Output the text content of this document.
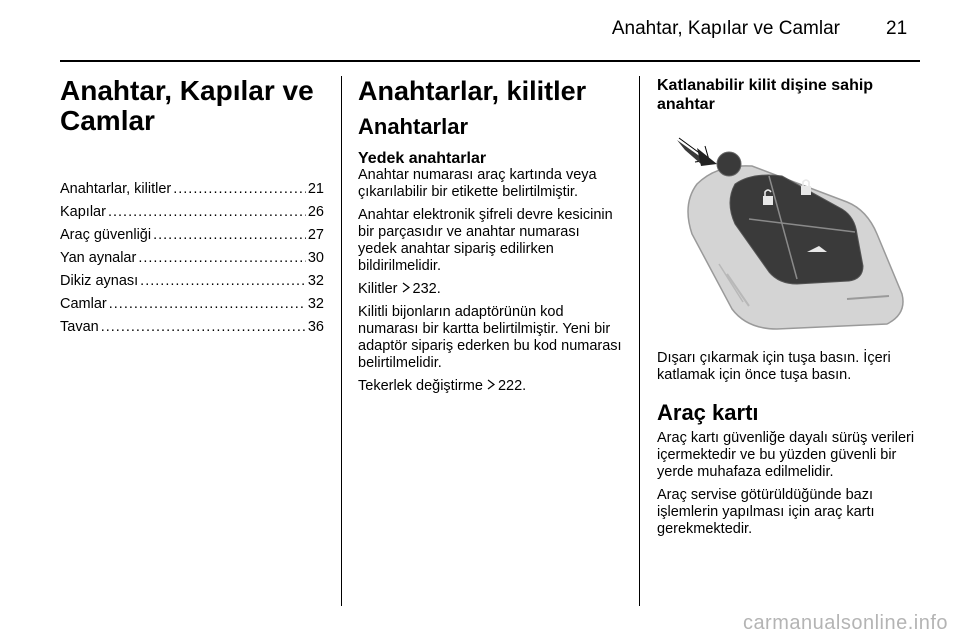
Anahtar, Kapılar ve Camlar 21
Anahtar, Kapılar ve Camlar
Anahtarlar, kilitler .....	21
Kapılar .....	26
Araç güvenliği .....	27
Yan aynalar .....	30
Dikiz aynası .....	32
Camlar .....	32
Tavan .....	36
Anahtarlar, kilitler
Anahtarlar
Yedek anahtarlar

Anahtar numarası araç kartında veya çıkarılabilir bir etikette belirtilmiştir.

Anahtar elektronik şifreli devre kesicinin bir parçasıdır ve anahtar numarası yedek anahtar sipariş edilirken bildirilmelidir.

Kilitler 232.

Kilitli bijonların adaptörünün kod numarası bir kartta belirtilmiştir. Yeni bir adaptör sipariş ederken bu kod numarası belirtilmelidir.

Tekerlek değiştirme 222.

Katlanabilir kilit dişine sahip anahtar

Dışarı çıkarmak için tuşa basın. İçeri katlamak için önce tuşa basın.

Araç kartı

Araç kartı güvenliğe dayalı sürüş verileri içermektedir ve bu yüzden güvenli bir yerde muhafaza edilmelidir.

Araç servise götürüldüğünde bazı işlemlerin yapılması için araç kartı gerekmektedir.

carmanualsonline.info
